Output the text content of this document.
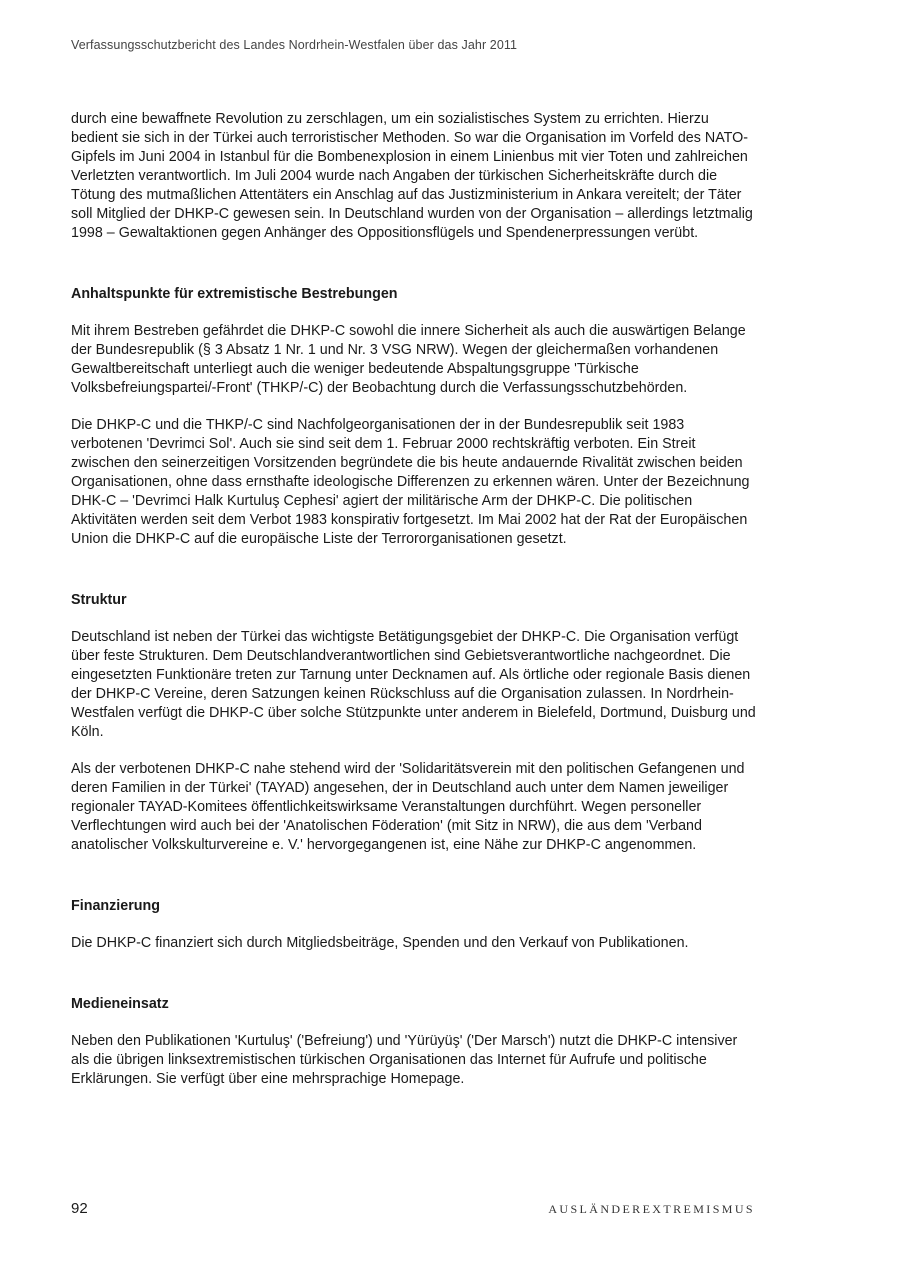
Verfassungsschutzbericht des Landes Nordrhein-Westfalen über das Jahr 2011

durch eine bewaffnete Revolution zu zerschlagen, um ein sozialistisches System zu errichten. Hierzu bedient sie sich in der Türkei auch terroristischer Methoden. So war die Organisation im Vorfeld des NATO-Gipfels im Juni 2004 in Istanbul für die Bombenexplosion in einem Linienbus mit vier Toten und zahlreichen Verletzten verantwortlich. Im Juli 2004 wurde nach Angaben der türkischen Sicherheitskräfte durch die Tötung des mutmaßlichen Attentäters ein Anschlag auf das Justizministerium in Ankara vereitelt; der Täter soll Mitglied der DHKP-C gewesen sein. In Deutschland wurden von der Organisation – allerdings letztmalig 1998 – Gewaltaktionen gegen Anhänger des Oppositionsflügels und Spendenerpressungen verübt.

Anhaltspunkte für extremistische Bestrebungen

Mit ihrem Bestreben gefährdet die DHKP-C sowohl die innere Sicherheit als auch die auswärtigen Belange der Bundesrepublik (§ 3 Absatz 1 Nr. 1 und Nr. 3 VSG NRW). Wegen der gleichermaßen vorhandenen Gewaltbereitschaft unterliegt auch die weniger bedeutende Abspaltungsgruppe 'Türkische Volksbefreiungspartei/-Front' (THKP/-C) der Beobachtung durch die Verfassungsschutzbehörden.

Die DHKP-C und die THKP/-C sind Nachfolgeorganisationen der in der Bundesrepublik seit 1983 verbotenen 'Devrimci Sol'. Auch sie sind seit dem 1. Februar 2000 rechtskräftig verboten. Ein Streit zwischen den seinerzeitigen Vorsitzenden begründete die bis heute andauernde Rivalität zwischen beiden Organisationen, ohne dass ernsthafte ideologische Differenzen zu erkennen wären. Unter der Bezeichnung DHK-C – 'Devrimci Halk Kurtuluş Cephesi' agiert der militärische Arm der DHKP-C. Die politischen Aktivitäten werden seit dem Verbot 1983 konspirativ fortgesetzt. Im Mai 2002 hat der Rat der Europäischen Union die DHKP-C auf die europäische Liste der Terrororganisationen gesetzt.

Struktur

Deutschland ist neben der Türkei das wichtigste Betätigungsgebiet der DHKP-C. Die Organisation verfügt über feste Strukturen. Dem Deutschlandverantwortlichen sind Gebietsverantwortliche nachgeordnet. Die eingesetzten Funktionäre treten zur Tarnung unter Decknamen auf. Als örtliche oder regionale Basis dienen der DHKP-C Vereine, deren Satzungen keinen Rückschluss auf die Organisation zulassen. In Nordrhein-Westfalen verfügt die DHKP-C über solche Stützpunkte unter anderem in Bielefeld, Dortmund, Duisburg und Köln.

Als der verbotenen DHKP-C nahe stehend wird der 'Solidaritätsverein mit den politischen Gefangenen und deren Familien in der Türkei' (TAYAD) angesehen, der in Deutschland auch unter dem Namen jeweiliger regionaler TAYAD-Komitees öffentlichkeitswirksame Veranstaltungen durchführt. Wegen personeller Verflechtungen wird auch bei der 'Anatolischen Föderation' (mit Sitz in NRW), die aus dem 'Verband anatolischer Volkskulturvereine e. V.' hervorgegangenen ist, eine Nähe zur DHKP-C angenommen.

Finanzierung

Die DHKP-C finanziert sich durch Mitgliedsbeiträge, Spenden und den Verkauf von Publikationen.

Medieneinsatz

Neben den Publikationen 'Kurtuluş' ('Befreiung') und 'Yürüyüş' ('Der Marsch') nutzt die DHKP-C intensiver als die übrigen linksextremistischen türkischen Organisationen das Internet für Aufrufe und politische Erklärungen. Sie verfügt über eine mehrsprachige Homepage.

92	AUSLÄNDEREXTREMISMUS
